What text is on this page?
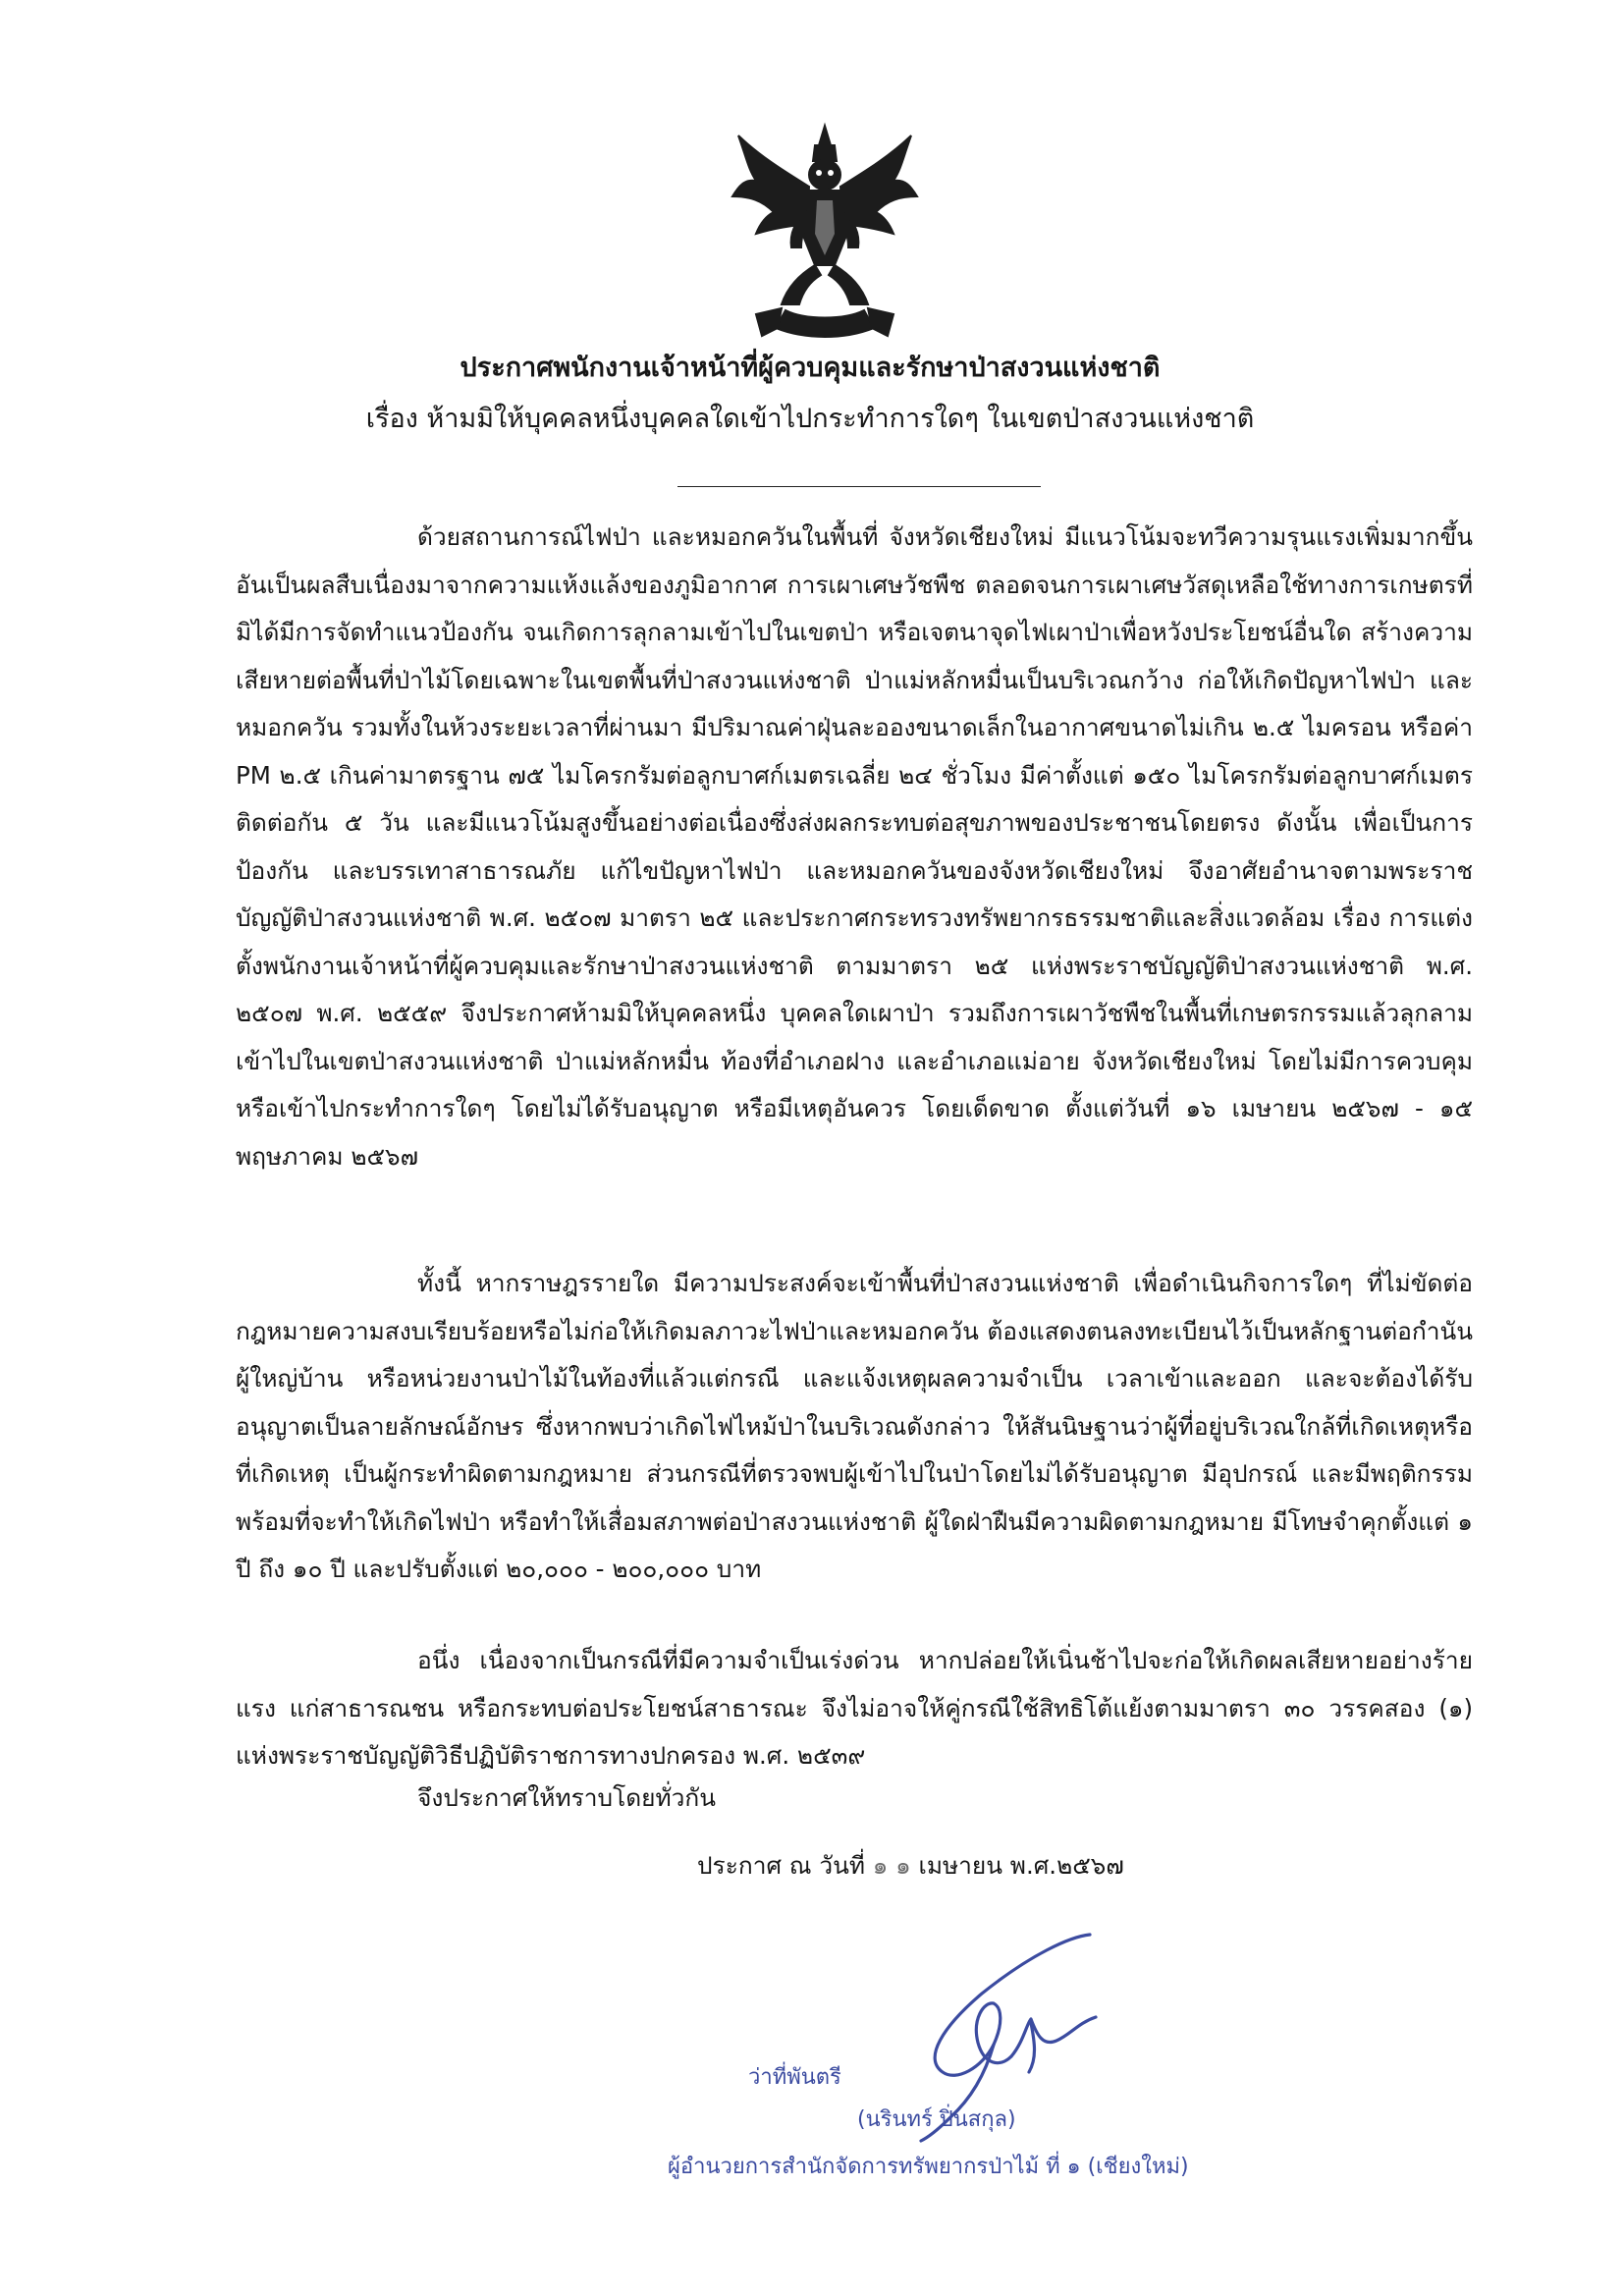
ประกาศพนักงานเจ้าหน้าที่ผู้ควบคุมและรักษาป่าสงวนแห่งชาติ
เรื่อง ห้ามมิให้บุคคลหนึ่งบุคคลใดเข้าไปกระทำการใดๆ ในเขตป่าสงวนแห่งชาติ
ด้วยสถานการณ์ไฟป่า และหมอกควันในพื้นที่ จังหวัดเชียงใหม่ มีแนวโน้มจะทวีความรุนแรงเพิ่มมากขึ้น อันเป็นผลสืบเนื่องมาจากความแห้งแล้งของภูมิอากาศ การเผาเศษวัชพืช ตลอดจนการเผาเศษวัสดุเหลือใช้ทางการเกษตรที่มิได้มีการจัดทำแนวป้องกัน จนเกิดการลุกลามเข้าไปในเขตป่า หรือเจตนาจุดไฟเผาป่าเพื่อหวังประโยชน์อื่นใด สร้างความเสียหายต่อพื้นที่ป่าไม้โดยเฉพาะในเขตพื้นที่ป่าสงวนแห่งชาติ ป่าแม่หลักหมื่นเป็นบริเวณกว้าง ก่อให้เกิดปัญหาไฟป่า และหมอกควัน รวมทั้งในห้วงระยะเวลาที่ผ่านมา มีปริมาณค่าฝุ่นละอองขนาดเล็กในอากาศขนาดไม่เกิน ๒.๕ ไมครอน หรือค่า PM ๒.๕ เกินค่ามาตรฐาน ๗๕ ไมโครกรัมต่อลูกบาศก์เมตรเฉลี่ย ๒๔ ชั่วโมง มีค่าตั้งแต่ ๑๕๐ ไมโครกรัมต่อลูกบาศก์เมตร ติดต่อกัน ๕ วัน และมีแนวโน้มสูงขึ้นอย่างต่อเนื่องซึ่งส่งผลกระทบต่อสุขภาพของประชาชนโดยตรง ดังนั้น เพื่อเป็นการป้องกัน และบรรเทาสาธารณภัย แก้ไขปัญหาไฟป่า และหมอกควันของจังหวัดเชียงใหม่ จึงอาศัยอำนาจตามพระราชบัญญัติป่าสงวนแห่งชาติ พ.ศ. ๒๕๐๗ มาตรา ๒๕ และประกาศกระทรวงทรัพยากรธรรมชาติและสิ่งแวดล้อม เรื่อง การแต่งตั้งพนักงานเจ้าหน้าที่ผู้ควบคุมและรักษาป่าสงวนแห่งชาติ ตามมาตรา ๒๕ แห่งพระราชบัญญัติป่าสงวนแห่งชาติ พ.ศ. ๒๕๐๗ พ.ศ. ๒๕๕๙ จึงประกาศห้ามมิให้บุคคลหนึ่ง บุคคลใดเผาป่า รวมถึงการเผาวัชพืชในพื้นที่เกษตรกรรมแล้วลุกลามเข้าไปในเขตป่าสงวนแห่งชาติ ป่าแม่หลักหมื่น ท้องที่อำเภอฝาง และอำเภอแม่อาย จังหวัดเชียงใหม่ โดยไม่มีการควบคุมหรือเข้าไปกระทำการใดๆ โดยไม่ได้รับอนุญาต หรือมีเหตุอันควร โดยเด็ดขาด ตั้งแต่วันที่ ๑๖ เมษายน ๒๕๖๗ - ๑๕ พฤษภาคม ๒๕๖๗
ทั้งนี้ หากราษฎรรายใด มีความประสงค์จะเข้าพื้นที่ป่าสงวนแห่งชาติ เพื่อดำเนินกิจการใดๆ ที่ไม่ขัดต่อกฎหมายความสงบเรียบร้อยหรือไม่ก่อให้เกิดมลภาวะไฟป่าและหมอกควัน ต้องแสดงตนลงทะเบียนไว้เป็นหลักฐานต่อกำนัน ผู้ใหญ่บ้าน หรือหน่วยงานป่าไม้ในท้องที่แล้วแต่กรณี และแจ้งเหตุผลความจำเป็น เวลาเข้าและออก และจะต้องได้รับอนุญาตเป็นลายลักษณ์อักษร ซึ่งหากพบว่าเกิดไฟไหม้ป่าในบริเวณดังกล่าว ให้สันนิษฐานว่าผู้ที่อยู่บริเวณใกล้ที่เกิดเหตุหรือที่เกิดเหตุ เป็นผู้กระทำผิดตามกฎหมาย ส่วนกรณีที่ตรวจพบผู้เข้าไปในป่าโดยไม่ได้รับอนุญาต มีอุปกรณ์ และมีพฤติกรรม พร้อมที่จะทำให้เกิดไฟป่า หรือทำให้เสื่อมสภาพต่อป่าสงวนแห่งชาติ ผู้ใดฝ่าฝืนมีความผิดตามกฎหมาย มีโทษจำคุกตั้งแต่ ๑ ปี ถึง ๑๐ ปี และปรับตั้งแต่ ๒๐,๐๐๐ - ๒๐๐,๐๐๐ บาท
อนึ่ง เนื่องจากเป็นกรณีที่มีความจำเป็นเร่งด่วน หากปล่อยให้เนิ่นช้าไปจะก่อให้เกิดผลเสียหายอย่างร้ายแรง แก่สาธารณชน หรือกระทบต่อประโยชน์สาธารณะ จึงไม่อาจให้คู่กรณีใช้สิทธิโต้แย้งตามมาตรา ๓๐ วรรคสอง (๑) แห่งพระราชบัญญัติวิธีปฏิบัติราชการทางปกครอง พ.ศ. ๒๕๓๙
จึงประกาศให้ทราบโดยทั่วกัน
ประกาศ ณ วันที่ ๑ ๑ เมษายน พ.ศ.๒๕๖๗
ว่าที่พันตรี
(นรินทร์ ปิ่นสกุล)
ผู้อำนวยการสำนักจัดการทรัพยากรป่าไม้ ที่ ๑ (เชียงใหม่)
